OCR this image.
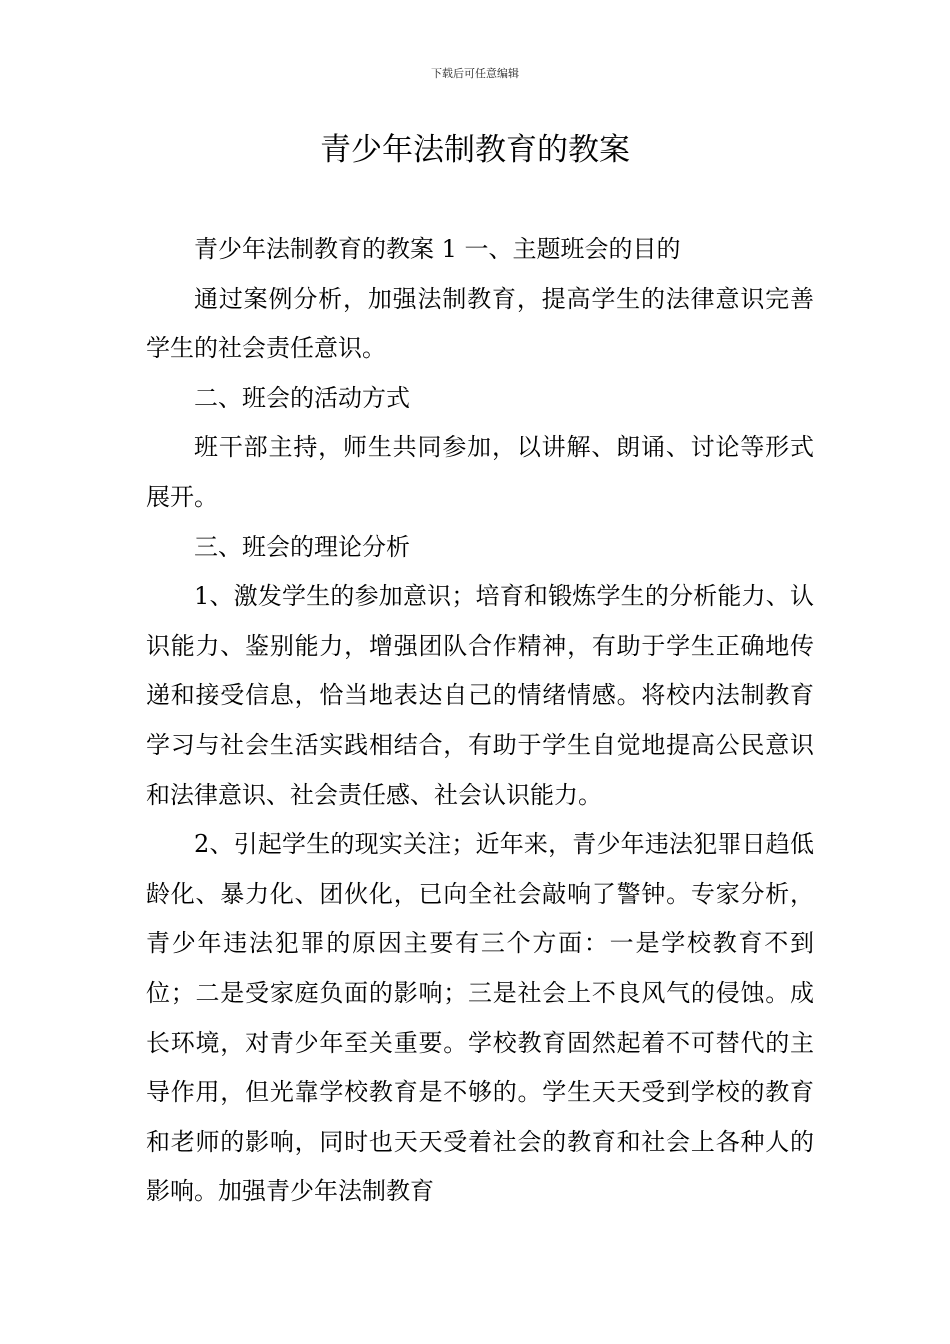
下载后可任意编辑
青少年法制教育的教案

青少年法制教育的教案 1 一、主题班会的目的

通过案例分析，加强法制教育，提高学生的法律意识完善学生的社会责任意识。

二、班会的活动方式

班干部主持，师生共同参加，以讲解、朗诵、讨论等形式展开。

三、班会的理论分析

1、激发学生的参加意识；培育和锻炼学生的分析能力、认识能力、鉴别能力，增强团队合作精神，有助于学生正确地传递和接受信息，恰当地表达自己的情绪情感。将校内法制教育学习与社会生活实践相结合，有助于学生自觉地提高公民意识和法律意识、社会责任感、社会认识能力。

2、引起学生的现实关注；近年来，青少年违法犯罪日趋低龄化、暴力化、团伙化，已向全社会敲响了警钟。专家分析，青少年违法犯罪的原因主要有三个方面：一是学校教育不到位；二是受家庭负面的影响；三是社会上不良风气的侵蚀。成长环境，对青少年至关重要。学校教育固然起着不可替代的主导作用，但光靠学校教育是不够的。学生天天受到学校的教育和老师的影响，同时也天天受着社会的教育和社会上各种人的影响。加强青少年法制教育
